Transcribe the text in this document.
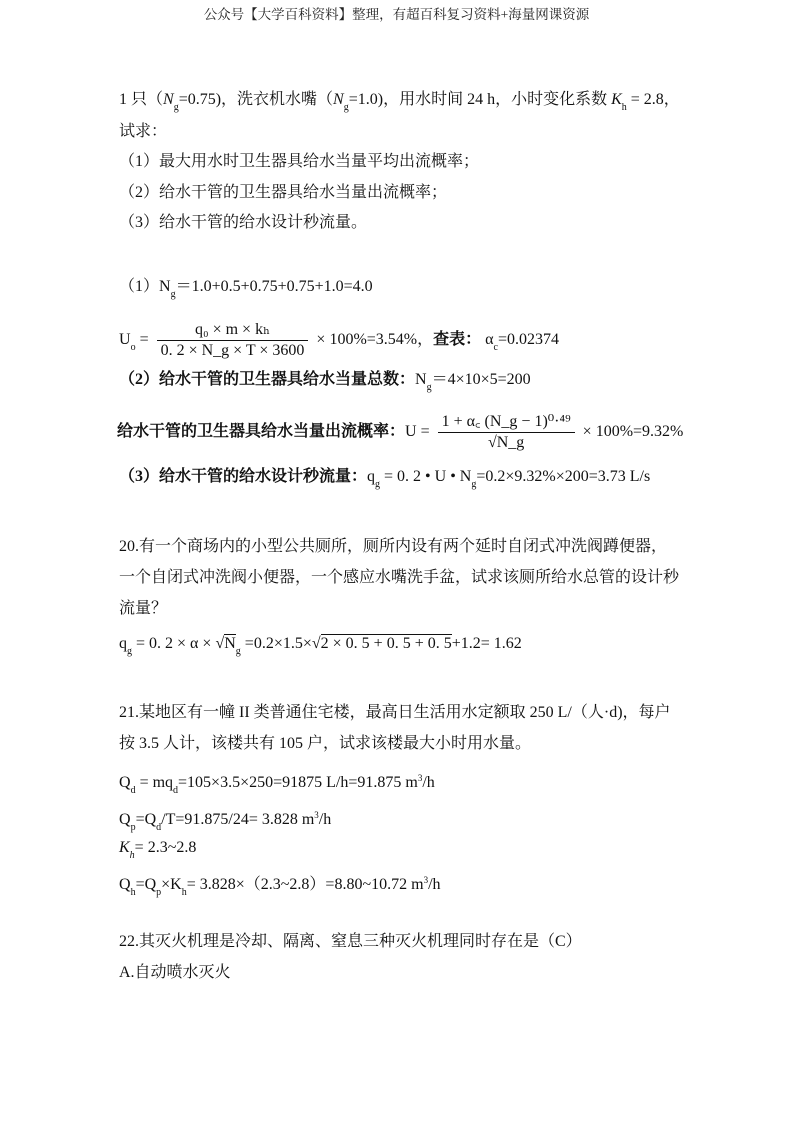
公众号【大学百科资料】整理，有超百科复习资料+海量网课资源
1 只$(N_g=0.75)$，洗衣机水嘴$(N_g=1.0)$，用水时间 24 h，小时变化系数 $K_h = 2.8$，
试求：
（1）最大用水时卫生器具给水当量平均出流概率；
（2）给水干管的卫生器具给水当量出流概率；
（3）给水干管的给水设计秒流量。
$(1)N_g=1.0+0.5+0.75+0.75+1.0=4.0$
$U_o = \frac{\text{q₀ × m × kₕ}}{0. 2 \times N\_g \times T \times 3600} \times 100\%=3.54\%$，查表： $\alpha_c=0.02374$
（2）给水干管的卫生器具给水当量总数：$N_g=4\times 10\times 5=200$
给水干管的卫生器具给水当量出流概率：$U = \frac{\text{1 + α꜀ (N\_g − 1)⁰·⁴⁹}}{√N\_g} \times 100\%=9.32\%$
（3）给水干管的给水设计秒流量：$q_g = 0$. 2 • U • $N_g=0.2\times 9.32\%\times 200=3.73$ L/s
20.有一个商场内的小型公共厕所，厕所内设有两个延时自闭式冲洗阀蹲便器，
一个自闭式冲洗阀小便器，一个感应水嘴洗手盆，试求该厕所给水总管的设计秒
流量？
$q_g = 0$. $2 \times \alpha \times √N_g =0.2\times 1.5\times√2 \times 0$. 5 + 0. 5 + 0. 5+1.2= 1.62
21.某地区有一幢 II 类普通住宅楼，最高日生活用水定额取 250 L/（人·d)，每户
按 3.5 人计，该楼共有 105 户，试求该楼最大小时用水量。
$Q_d = mq_d=105\times 3.5\times 250=91875$ L/h=91.875 $m^3/h$
$Q_p=Q_d/T=91.875/24= 3.828$ $m^3/h$
$K_h=$ 2.3~2.8
$Q_h=Q_p\times K_h=$ 3.828×（2.3~2.8）=8.80~10.72 $m^3/h$
22.其灭火机理是冷却、隔离、窒息三种灭火机理同时存在是（C）
A.自动喷水灭火
